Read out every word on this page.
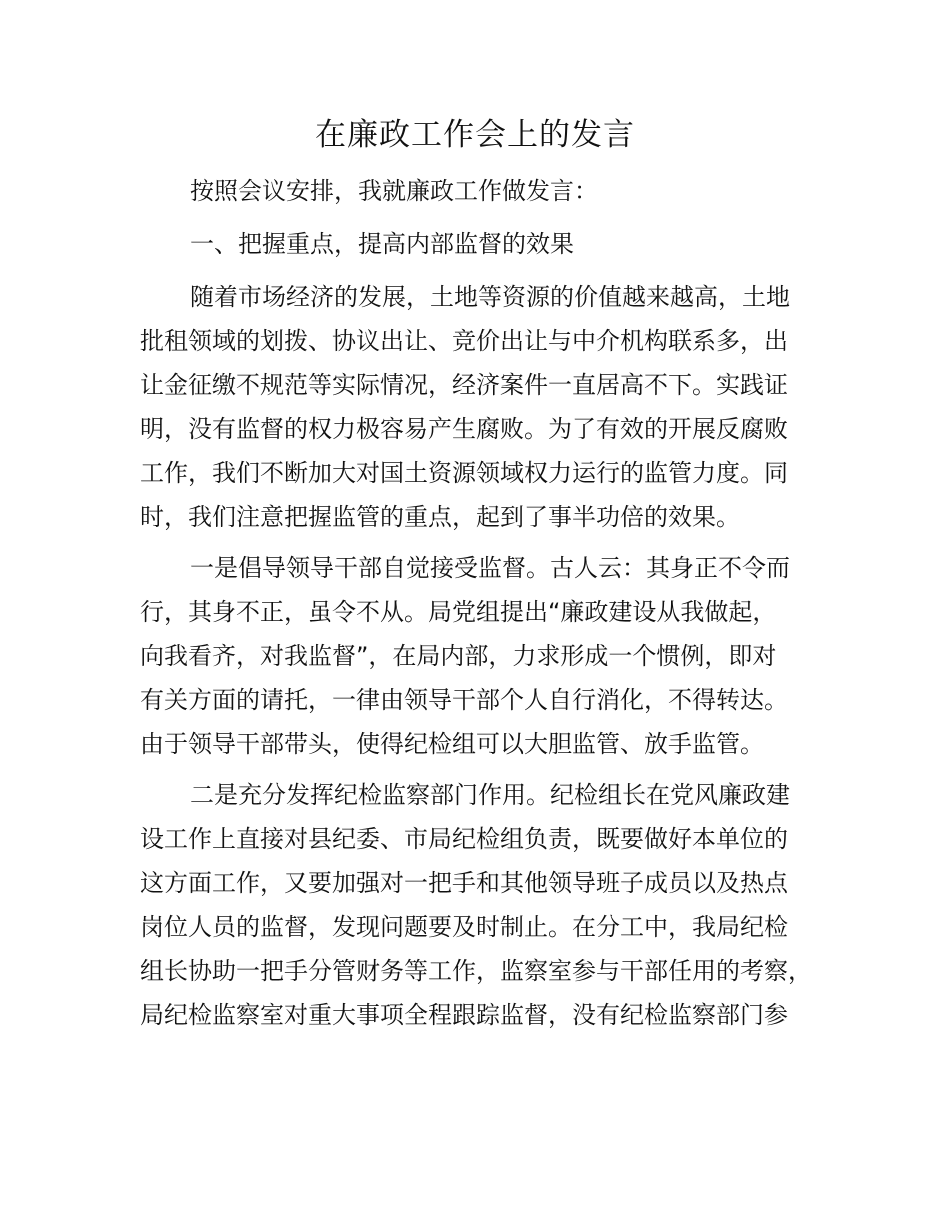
在廉政工作会上的发言

按照会议安排，我就廉政工作做发言：

一、把握重点，提高内部监督的效果

随着市场经济的发展，土地等资源的价值越来越高，土地

批租领域的划拨、协议出让、竞价出让与中介机构联系多，出

让金征缴不规范等实际情况，经济案件一直居高不下。实践证

明，没有监督的权力极容易产生腐败。为了有效的开展反腐败

工作，我们不断加大对国土资源领域权力运行的监管力度。同

时，我们注意把握监管的重点，起到了事半功倍的效果。

一是倡导领导干部自觉接受监督。古人云：其身正不令而

行，其身不正，虽令不从。局党组提出“廉政建设从我做起，

向我看齐，对我监督”，在局内部，力求形成一个惯例，即对

有关方面的请托，一律由领导干部个人自行消化，不得转达。

由于领导干部带头，使得纪检组可以大胆监管、放手监管。

二是充分发挥纪检监察部门作用。纪检组长在党风廉政建

设工作上直接对县纪委、市局纪检组负责，既要做好本单位的

这方面工作，又要加强对一把手和其他领导班子成员以及热点

岗位人员的监督，发现问题要及时制止。在分工中，我局纪检

组长协助一把手分管财务等工作，监察室参与干部任用的考察，

局纪检监察室对重大事项全程跟踪监督，没有纪检监察部门参
